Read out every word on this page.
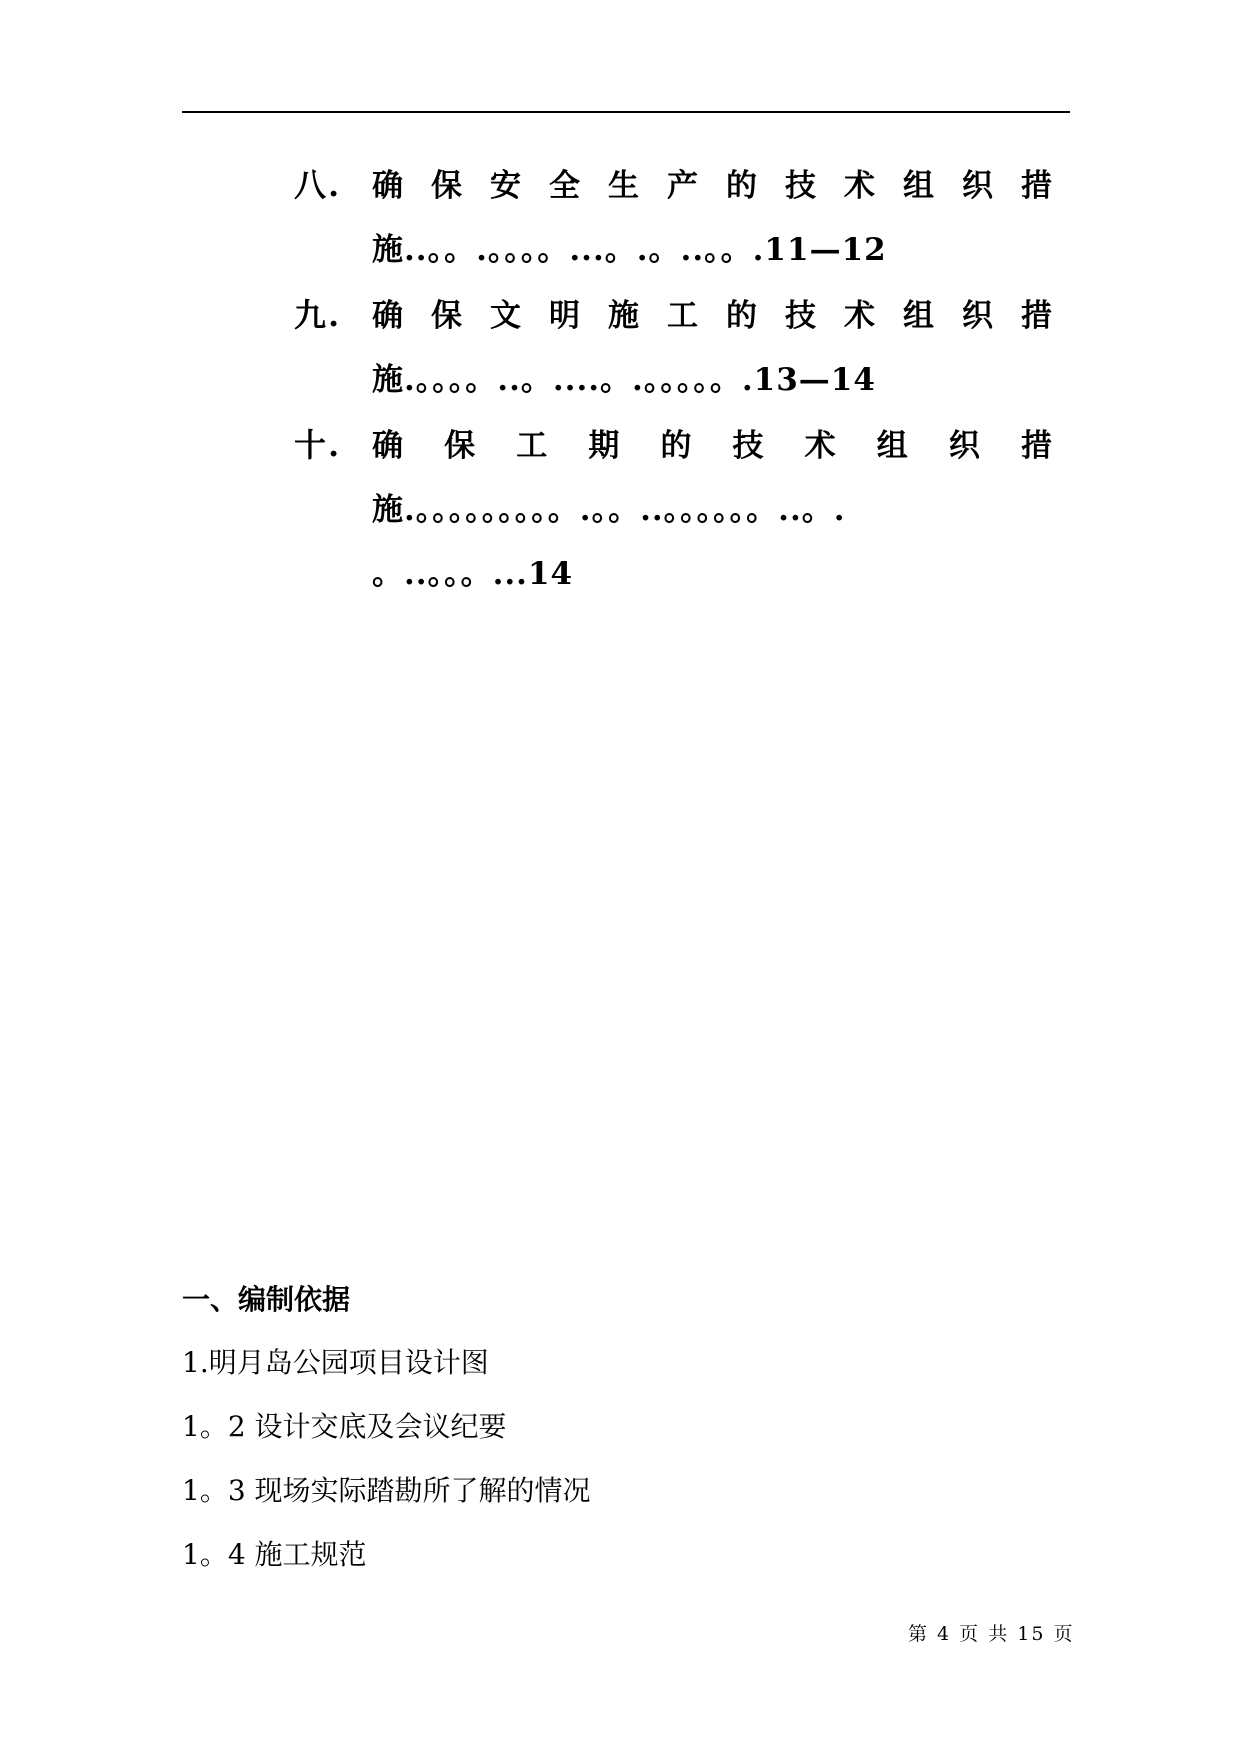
八. 确 保 安 全 生 产 的 技 术 组 织 措
施..。。.。。。。...。.。..。。.11—12
九. 确 保 文 明 施 工 的 技 术 组 织 措
施.。。。。..。....。.。。。。。.13—14
十. 确 保 工 期 的 技 术 组 织 措
施.。。。。。。。。。.。。..。。。。。。..。.
。..。。。...14
一、编制依据
1.明月岛公园项目设计图
1。2 设计交底及会议纪要
1。3 现场实际踏勘所了解的情况
1。4 施工规范
第 4 页 共 15 页
